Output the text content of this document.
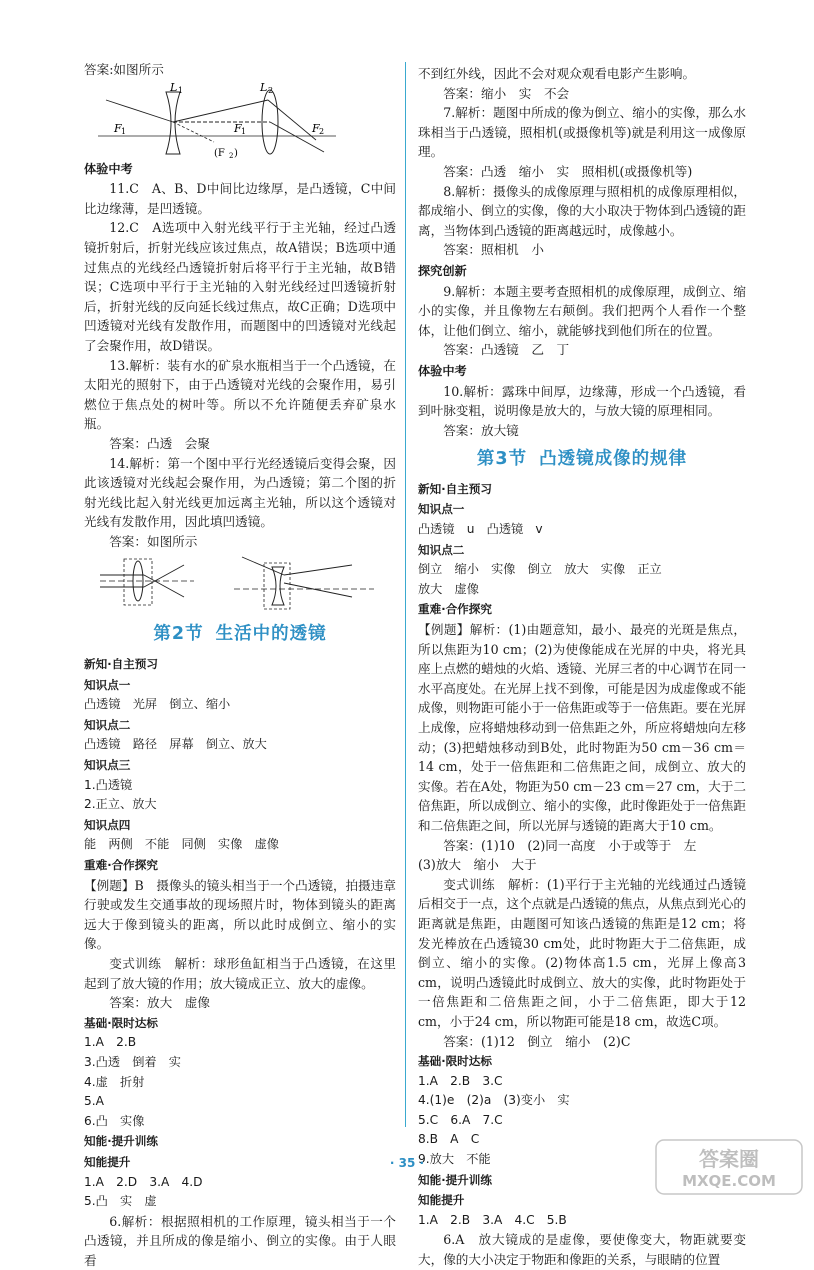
答案:如图所示

L 1	L 2
F 1	F 1	F 2
(F 2 )

体验中考

11.C　A、B、D中间比边缘厚，是凸透镜，C中间比边缘薄，是凹透镜。

12.C　A选项中入射光线平行于主光轴，经过凸透镜折射后，折射光线应该过焦点，故A错误；B选项中通过焦点的光线经凸透镜折射后将平行于主光轴，故B错误；C选项中平行于主光轴的入射光线经过凹透镜折射后，折射光线的反向延长线过焦点，故C正确；D选项中凹透镜对光线有发散作用，而题图中的凹透镜对光线起了会聚作用，故D错误。

13.解析：装有水的矿泉水瓶相当于一个凸透镜，在太阳光的照射下，由于凸透镜对光线的会聚作用，易引燃位于焦点处的树叶等。所以不允许随便丢弃矿泉水瓶。

答案：凸透　会聚

14.解析：第一个图中平行光经透镜后变得会聚，因此该透镜对光线起会聚作用，为凸透镜；第二个图的折射光线比起入射光线更加远离主光轴，所以这个透镜对光线有发散作用，因此填凹透镜。

答案：如图所示

第2节 生活中的透镜

新知·自主预习

知识点一

凸透镜　光屏　倒立、缩小

知识点二

凸透镜　路径　屏幕　倒立、放大

知识点三

1.凸透镜

2.正立、放大

知识点四

能　两侧　不能　同侧　实像　虚像

重难·合作探究

【例题】B　摄像头的镜头相当于一个凸透镜，拍摄违章行驶或发生交通事故的现场照片时，物体到镜头的距离远大于像到镜头的距离，所以此时成倒立、缩小的实像。

变式训练　解析：球形鱼缸相当于凸透镜，在这里起到了放大镜的作用；放大镜成正立、放大的虚像。

答案：放大　虚像

基础·限时达标

1.A　2.B

3.凸透　倒着　实

4.虚　折射

5.A

6.凸　实像

知能·提升训练

知能提升

1.A　2.D　3.A　4.D

5.凸　实　虚

6.解析：根据照相机的工作原理，镜头相当于一个凸透镜，并且所成的像是缩小、倒立的实像。由于人眼看

不到红外线，因此不会对观众观看电影产生影响。

答案：缩小　实　不会

7.解析：题图中所成的像为倒立、缩小的实像，那么水珠相当于凸透镜，照相机(或摄像机等)就是利用这一成像原理。

答案：凸透　缩小　实　照相机(或摄像机等)

8.解析：摄像头的成像原理与照相机的成像原理相似，都成缩小、倒立的实像，像的大小取决于物体到凸透镜的距离，当物体到凸透镜的距离越远时，成像越小。

答案：照相机　小

探究创新

9.解析：本题主要考查照相机的成像原理，成倒立、缩小的实像，并且像物左右颠倒。我们把两个人看作一个整体，让他们倒立、缩小，就能够找到他们所在的位置。

答案：凸透镜　乙　丁

体验中考

10.解析：露珠中间厚，边缘薄，形成一个凸透镜，看到叶脉变粗，说明像是放大的，与放大镜的原理相同。

答案：放大镜

第3节 凸透镜成像的规律

新知·自主预习

知识点一

凸透镜　u　凸透镜　v

知识点二

倒立　缩小　实像　倒立　放大　实像　正立

放大　虚像

重难·合作探究

【例题】解析：(1)由题意知，最小、最亮的光斑是焦点，所以焦距为10 cm；(2)为使像能成在光屏的中央，将光具座上点燃的蜡烛的火焰、透镜、光屏三者的中心调节在同一水平高度处。在光屏上找不到像，可能是因为成虚像或不能成像，则物距可能小于一倍焦距或等于一倍焦距。要在光屏上成像，应将蜡烛移动到一倍焦距之外，所应将蜡烛向左移动；(3)把蜡烛移动到B处，此时物距为50 cm－36 cm＝14 cm，处于一倍焦距和二倍焦距之间，成倒立、放大的实像。若在A处，物距为50 cm－23 cm＝27 cm，大于二倍焦距，所以成倒立、缩小的实像，此时像距处于一倍焦距和二倍焦距之间，所以光屏与透镜的距离大于10 cm。

答案：(1)10　(2)同一高度　小于或等于　左

(3)放大　缩小　大于

变式训练　解析：(1)平行于主光轴的光线通过凸透镜后相交于一点，这个点就是凸透镜的焦点，从焦点到光心的距离就是焦距，由题图可知该凸透镜的焦距是12 cm；将发光棒放在凸透镜30 cm处，此时物距大于二倍焦距，成倒立、缩小的实像。(2)物体高1.5 cm，光屏上像高3 cm，说明凸透镜此时成倒立、放大的实像，此时物距处于一倍焦距和二倍焦距之间，小于二倍焦距，即大于12 cm，小于24 cm，所以物距可能是18 cm，故选C项。

答案：(1)12　倒立　缩小　(2)C

基础·限时达标

1.A　2.B　3.C

4.(1)e　(2)a　(3)变小　实

5.C　6.A　7.C

8.B　A　C

9.放大　不能

知能·提升训练

知能提升

1.A　2.B　3.A　4.C　5.B

6.A　放大镜成的是虚像，要使像变大，物距就要变大，像的大小决定于物距和像距的关系，与眼睛的位置

· 35 ·	答案圈
MXQE.COM
